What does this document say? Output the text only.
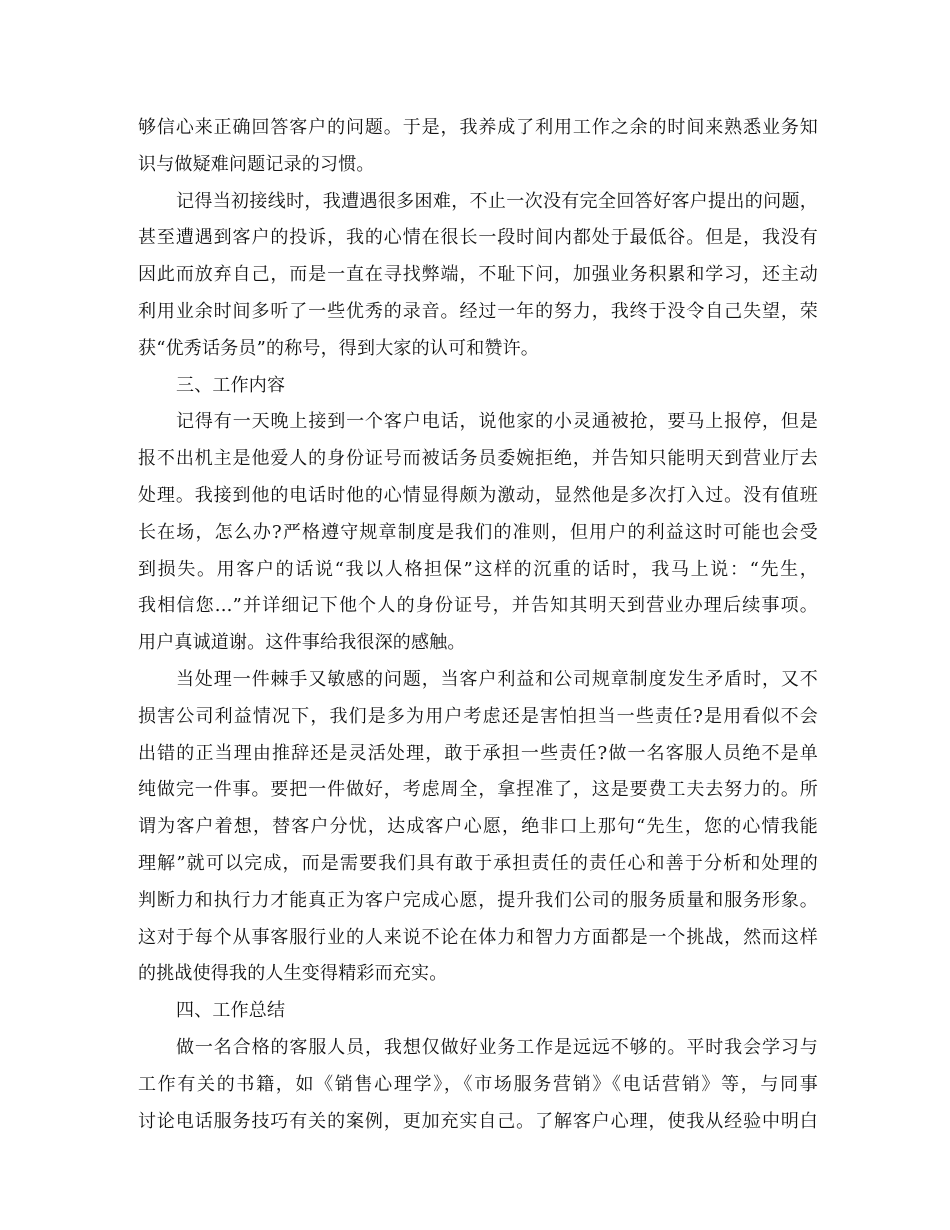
够信心来正确回答客户的问题。于是，我养成了利用工作之余的时间来熟悉业务知
识与做疑难问题记录的习惯。
记得当初接线时，我遭遇很多困难，不止一次没有完全回答好客户提出的问题，
甚至遭遇到客户的投诉，我的心情在很长一段时间内都处于最低谷。但是，我没有
因此而放弃自己，而是一直在寻找弊端，不耻下问，加强业务积累和学习，还主动
利用业余时间多听了一些优秀的录音。经过一年的努力，我终于没令自己失望，荣
获“优秀话务员”的称号，得到大家的认可和赞许。
三、工作内容
记得有一天晚上接到一个客户电话，说他家的小灵通被抢，要马上报停，但是
报不出机主是他爱人的身份证号而被话务员委婉拒绝，并告知只能明天到营业厅去
处理。我接到他的电话时他的心情显得颇为激动，显然他是多次打入过。没有值班
长在场，怎么办?严格遵守规章制度是我们的准则，但用户的利益这时可能也会受
到损失。用客户的话说“我以人格担保”这样的沉重的话时，我马上说：“先生，
我相信您...”并详细记下他个人的身份证号，并告知其明天到营业办理后续事项。
用户真诚道谢。这件事给我很深的感触。
当处理一件棘手又敏感的问题，当客户利益和公司规章制度发生矛盾时，又不
损害公司利益情况下，我们是多为用户考虑还是害怕担当一些责任?是用看似不会
出错的正当理由推辞还是灵活处理，敢于承担一些责任?做一名客服人员绝不是单
纯做完一件事。要把一件做好，考虑周全，拿捏准了，这是要费工夫去努力的。所
谓为客户着想，替客户分忧，达成客户心愿，绝非口上那句“先生，您的心情我能
理解”就可以完成，而是需要我们具有敢于承担责任的责任心和善于分析和处理的
判断力和执行力才能真正为客户完成心愿，提升我们公司的服务质量和服务形象。
这对于每个从事客服行业的人来说不论在体力和智力方面都是一个挑战，然而这样
的挑战使得我的人生变得精彩而充实。
四、工作总结
做一名合格的客服人员，我想仅做好业务工作是远远不够的。平时我会学习与
工作有关的书籍，如《销售心理学》，《市场服务营销》《电话营销》等，与同事
讨论电话服务技巧有关的案例，更加充实自己。了解客户心理，使我从经验中明白
